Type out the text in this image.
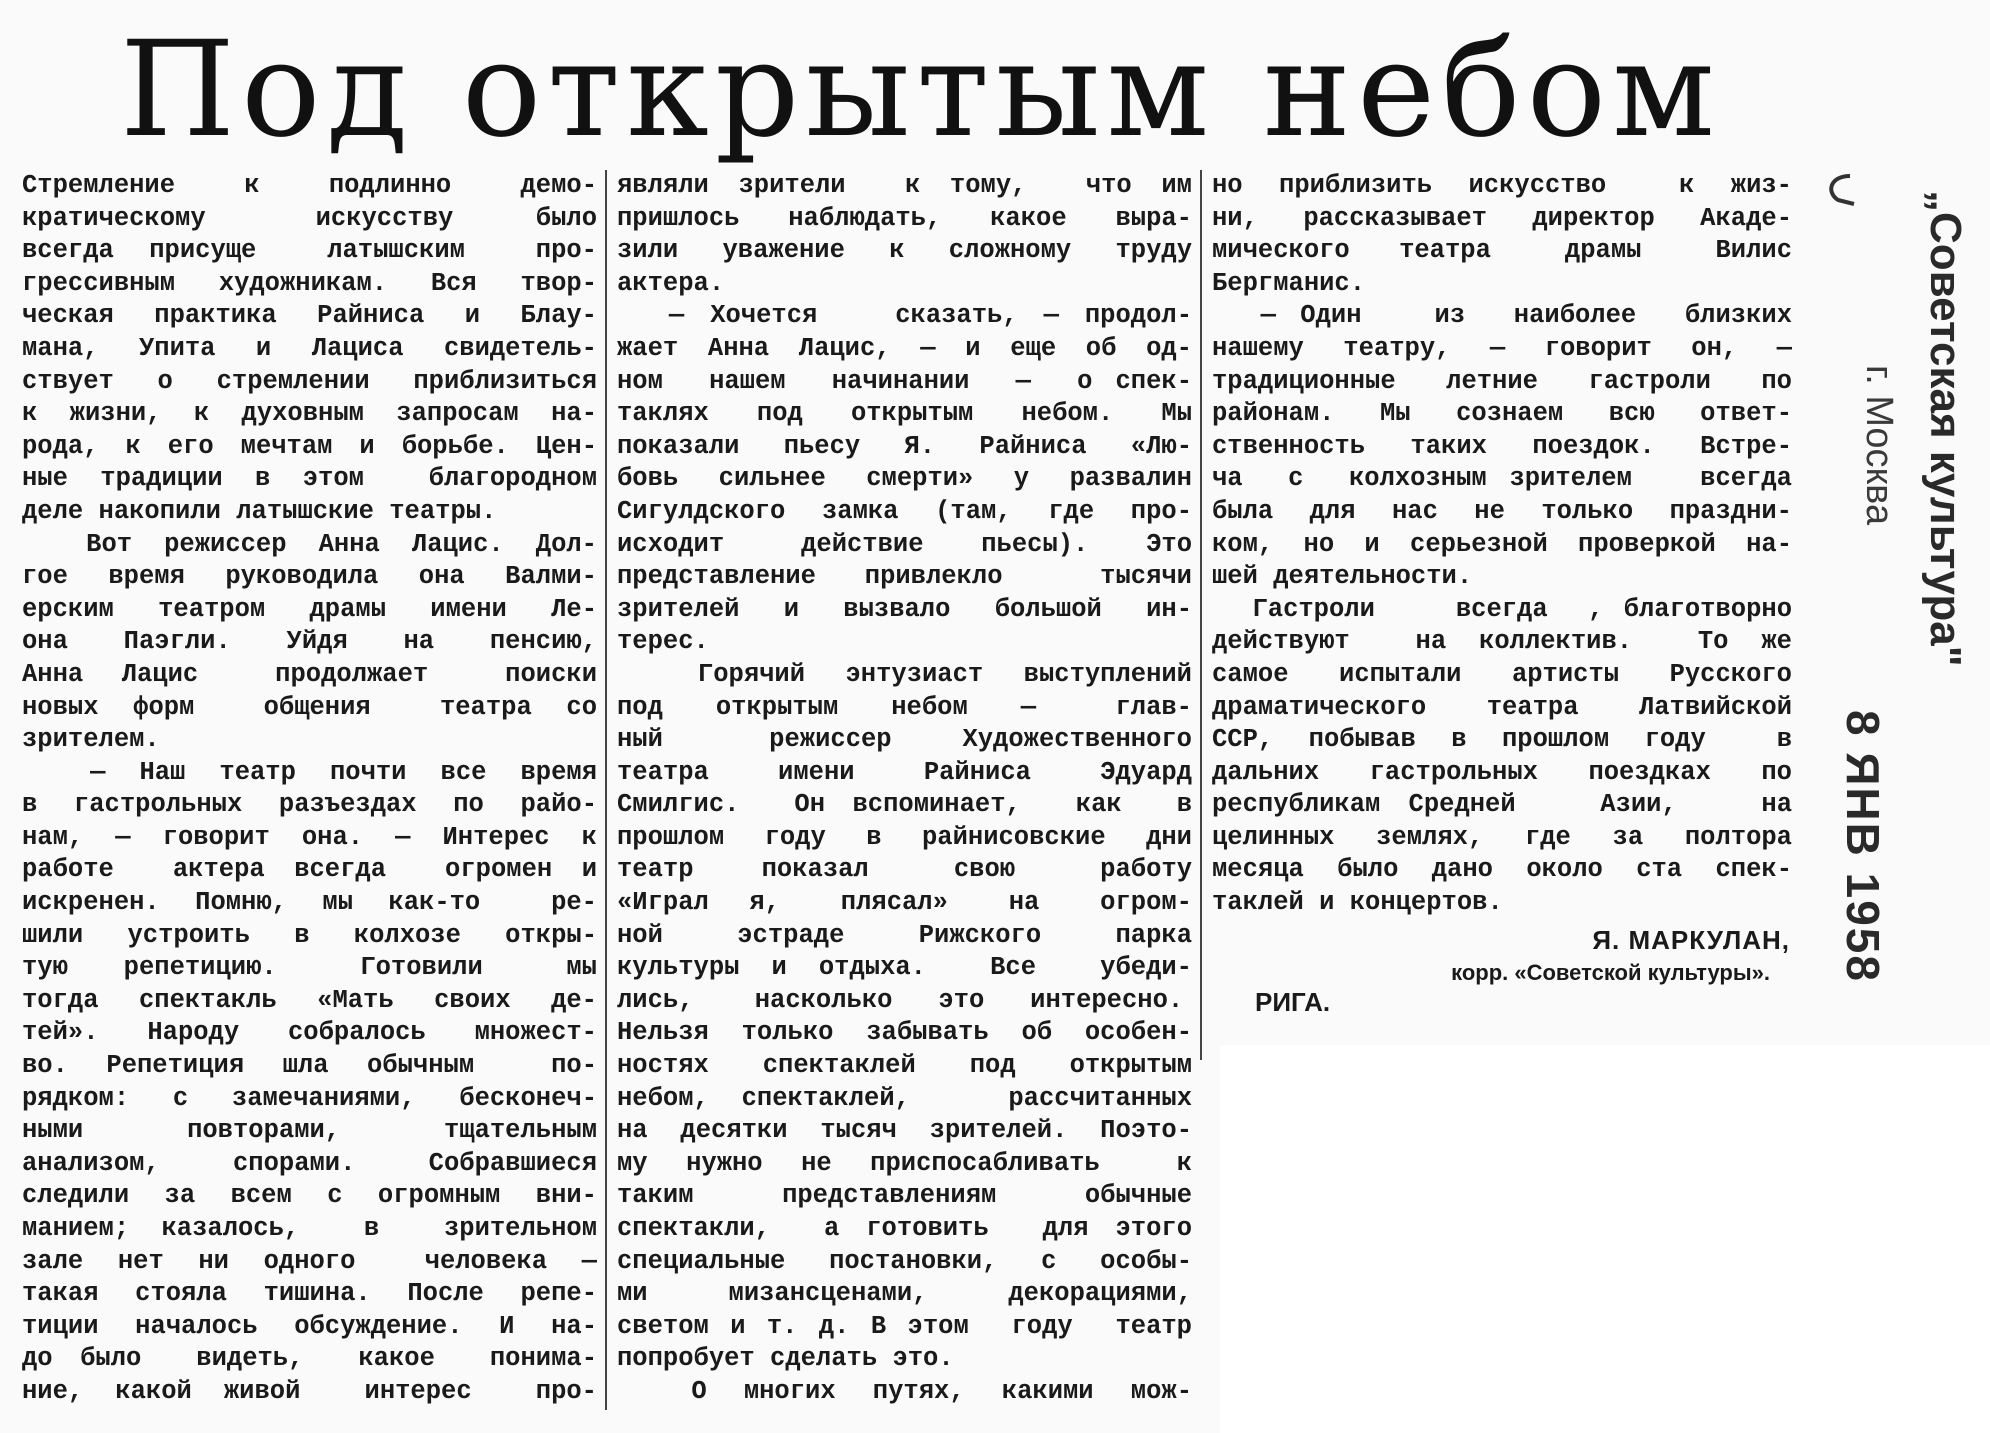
Под открытым небом
Стремление  к  подлинно  демо-
кратическому    искусству   было
всегда присуще  латышским  про-
грессивным художникам. Вся твор-
ческая практика Райниса и Блау-
мана, Упита и Лациса свидетель-
ствует о стремлении приблизиться
к жизни, к духовным запросам на-
рода, к его мечтам и борьбе. Цен-
ные традиции в этом  благородном
деле накопили латышские театры.
Вот режиссер Анна Лацис. Дол-
гое время руководила она Валми-
ерским театром драмы имени Ле-
она  Паэгли.  Уйдя  на  пенсию,
Анна Лацис  продолжает  поиски
новых форм  общения  театра со
зрителем.
— Наш театр почти все время
в гастрольных разъездах по райо-
нам, — говорит она. — Интерес к
работе  актера всегда  огромен и
искренен. Помню, мы как-то  ре-
шили устроить в колхозе откры-
тую  репетицию.   Готовили   мы
тогда спектакль «Мать своих де-
тей». Народу собралось множест-
во. Репетиция шла обычным  по-
рядком: с замечаниями, бесконеч-
ными    повторами,    тщательным
анализом,  спорами.  Собравшиеся
следили за всем с огромным вни-
манием; казалось,  в  зрительном
зале нет ни одного  человека —
такая стояла тишина. После репе-
тиции началось обсуждение. И на-
до было  видеть,  какое  понима-
ние, какой живой  интерес  про-
являли зрители  к тому,  что им
пришлось наблюдать, какое выра-
зили уважение к сложному труду
актера.
— Хочется   сказать, — продол-
жает Анна Лацис, — и еще об од-
ном  нашем  начинании  —  о спек-
таклях  под  открытым  небом.  Мы
показали пьесу Я. Райниса «Лю-
бовь сильнее смерти» у развалин
Сигулдского замка (там, где про-
исходит    действие   пьесы).   Это
представление привлекло  тысячи
зрителей и вызвало большой ин-
терес.
Горячий энтузиаст выступлений
под  открытым  небом  —   глав-
ный   режиссер  Художественного
театра   имени   Райниса   Эдуард
Смилгис.  Он вспоминает,  как  в
прошлом году в райнисовские дни
театр    показал     свою     работу
«Играл  я,   плясал»   на   огром-
ной    эстраде    Рижского    парка
культуры и отдыха.  Все  убеди-
лись,    насколько   это   интересно.
Нельзя только забывать об особен-
ностях спектаклей под открытым
небом, спектаклей,   рассчитанных
на десятки тысяч зрителей. Поэто-
му нужно не приспосабливать  к
таким   представлениям   обычные
спектакли,  а готовить  для этого
специальные постановки, с особы-
ми   мизансценами,   декорациями,
светом и т. д. В этом  году  театр
попробует сделать это.
О многих путях, какими мож-
но приблизить искусство  к жиз-
ни, рассказывает директор Акаде-
мического  театра   драмы   Вилис
Бергманис.
— Один   из  наиболее  близких
нашему театру, — говорит он, —
традиционные летние гастроли по
районам. Мы сознаем всю ответ-
ственность таких поездок. Встре-
ча  с  колхозным зрителем   всегда
была для нас не только праздни-
ком, но и серьезной проверкой на-
шей деятельности.
Гастроли    всегда  , благотворно
действуют  на коллектив.  То же
самое испытали артисты Русского
драматического театра Латвийской
ССР, побывав в прошлом году  в
дальних гастрольных поездках по
республикам Средней   Азии,   на
целинных землях, где за полтора
месяца было дано около ста спек-
таклей и концертов.
Я. МАРКУЛАН,
корр. «Советской культуры».
РИГА.
„Советская культура"
г. Москва
8 ЯНВ 1958
